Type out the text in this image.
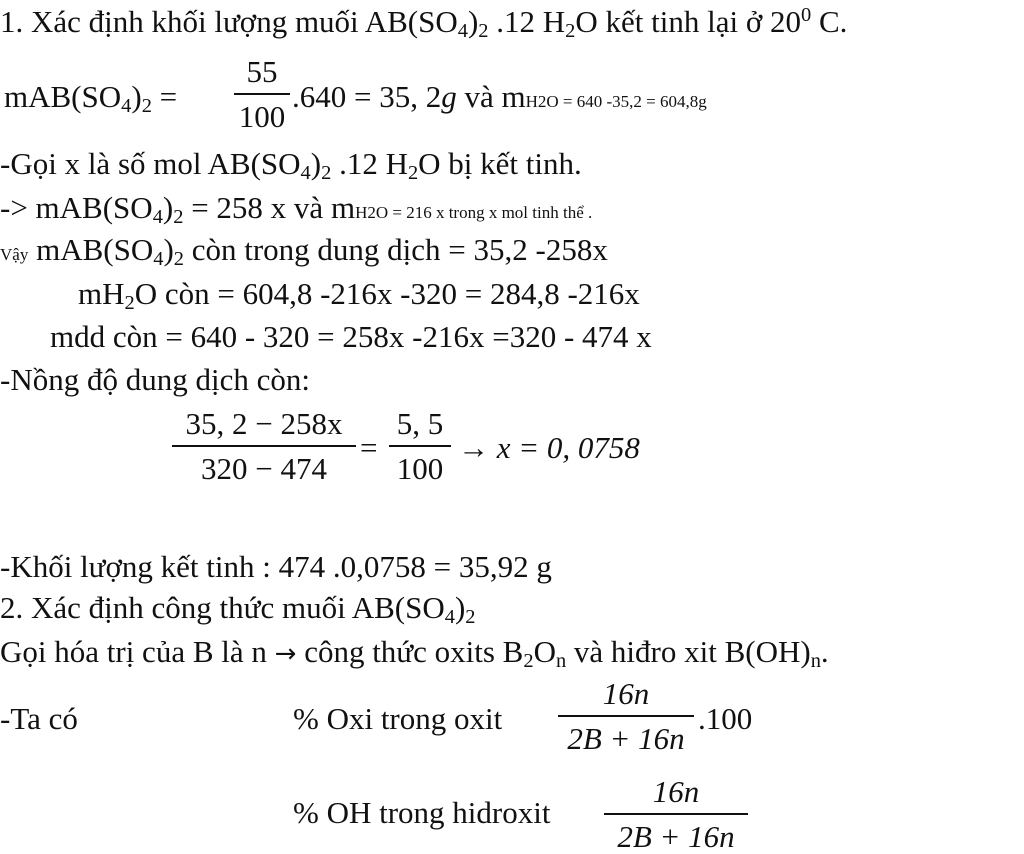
1. Xác định khối lượng muối $AB(SO_4)_2$ .12 $H_2O$ kết tinh lại ở $20^0$ C.
$mAB(SO_4)_2$ =
55
100
.640 = 35, 2g và mH2O = 640 -35,2 = 604,8g
-Gọi x là số mol $AB(SO_4)_2$ .12 $H_2O$ bị kết tinh.
-> $mAB(SO_4)_2 = 258$ x và mH2O = 216 x trong x mol tinh thể .
Vậy $mAB(SO_4)_2$ còn trong dung dịch = 35,2 -258x
$mH_2O$ còn = 604,8 -216x -320 = 284,8 -216x
mdd còn = 640 - 320 = 258x -216x =320 - 474 x
-Nồng độ dung dịch còn:
35, 2 − 258x
320 − 474
=
5, 5
100
→ x = 0, 0758
-Khối lượng kết tinh : 474 .0,0758 = 35,92 g
2. Xác định công thức muối $AB(SO_4)_2$
Gọi hóa trị của B là n → công thức oxits $B_2O_n$ và hiđro xit $B(OH)_n$.
-Ta có	% Oxi trong oxit
16n
2B + 16n
.100
% OH trong hidroxit
16n
2B + 16n
